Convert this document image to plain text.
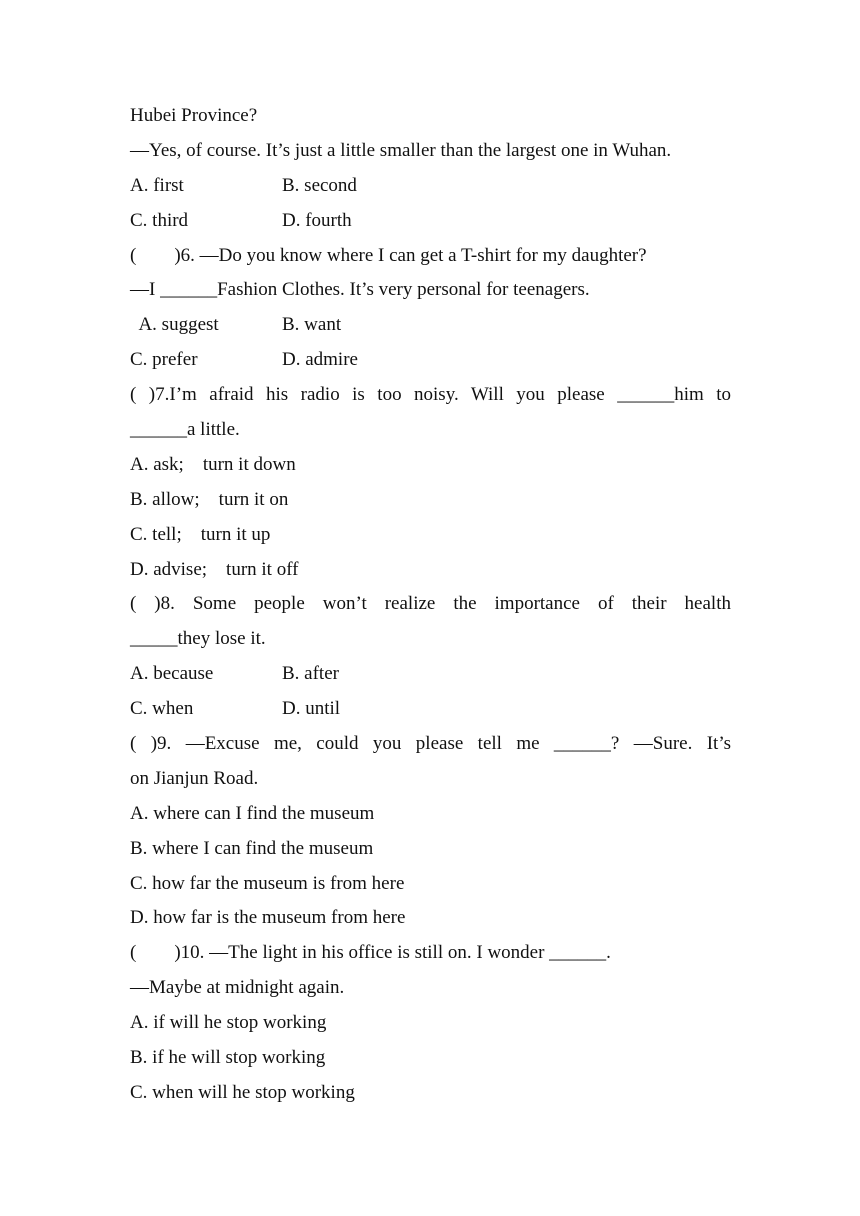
Hubei Province?
—Yes, of course. It’s just a little smaller than the largest one in Wuhan.
A. first	B. second
C. third	D. fourth
(        )6. —Do you know where I can get a T-shirt for my daughter?
—I ______Fashion Clothes. It’s very personal for teenagers.
A. suggest	B. want
C. prefer	D. admire
( )7.I’m afraid his radio is too noisy. Will you please ______him to
______a little.
A. ask;    turn it down
B. allow;    turn it on
C. tell;    turn it up
D. advise;    turn it off
( )8. Some people won’t realize the importance of their health
_____they lose it.
A. because	B. after
C. when	D. until
( )9. —Excuse me, could you please tell me ______? —Sure. It’s
on Jianjun Road.
A. where can I find the museum
B. where I can find the museum
C. how far the museum is from here
D. how far is the museum from here
(        )10. —The light in his office is still on. I wonder ______.
—Maybe at midnight again.
A. if will he stop working
B. if he will stop working
C. when will he stop working
